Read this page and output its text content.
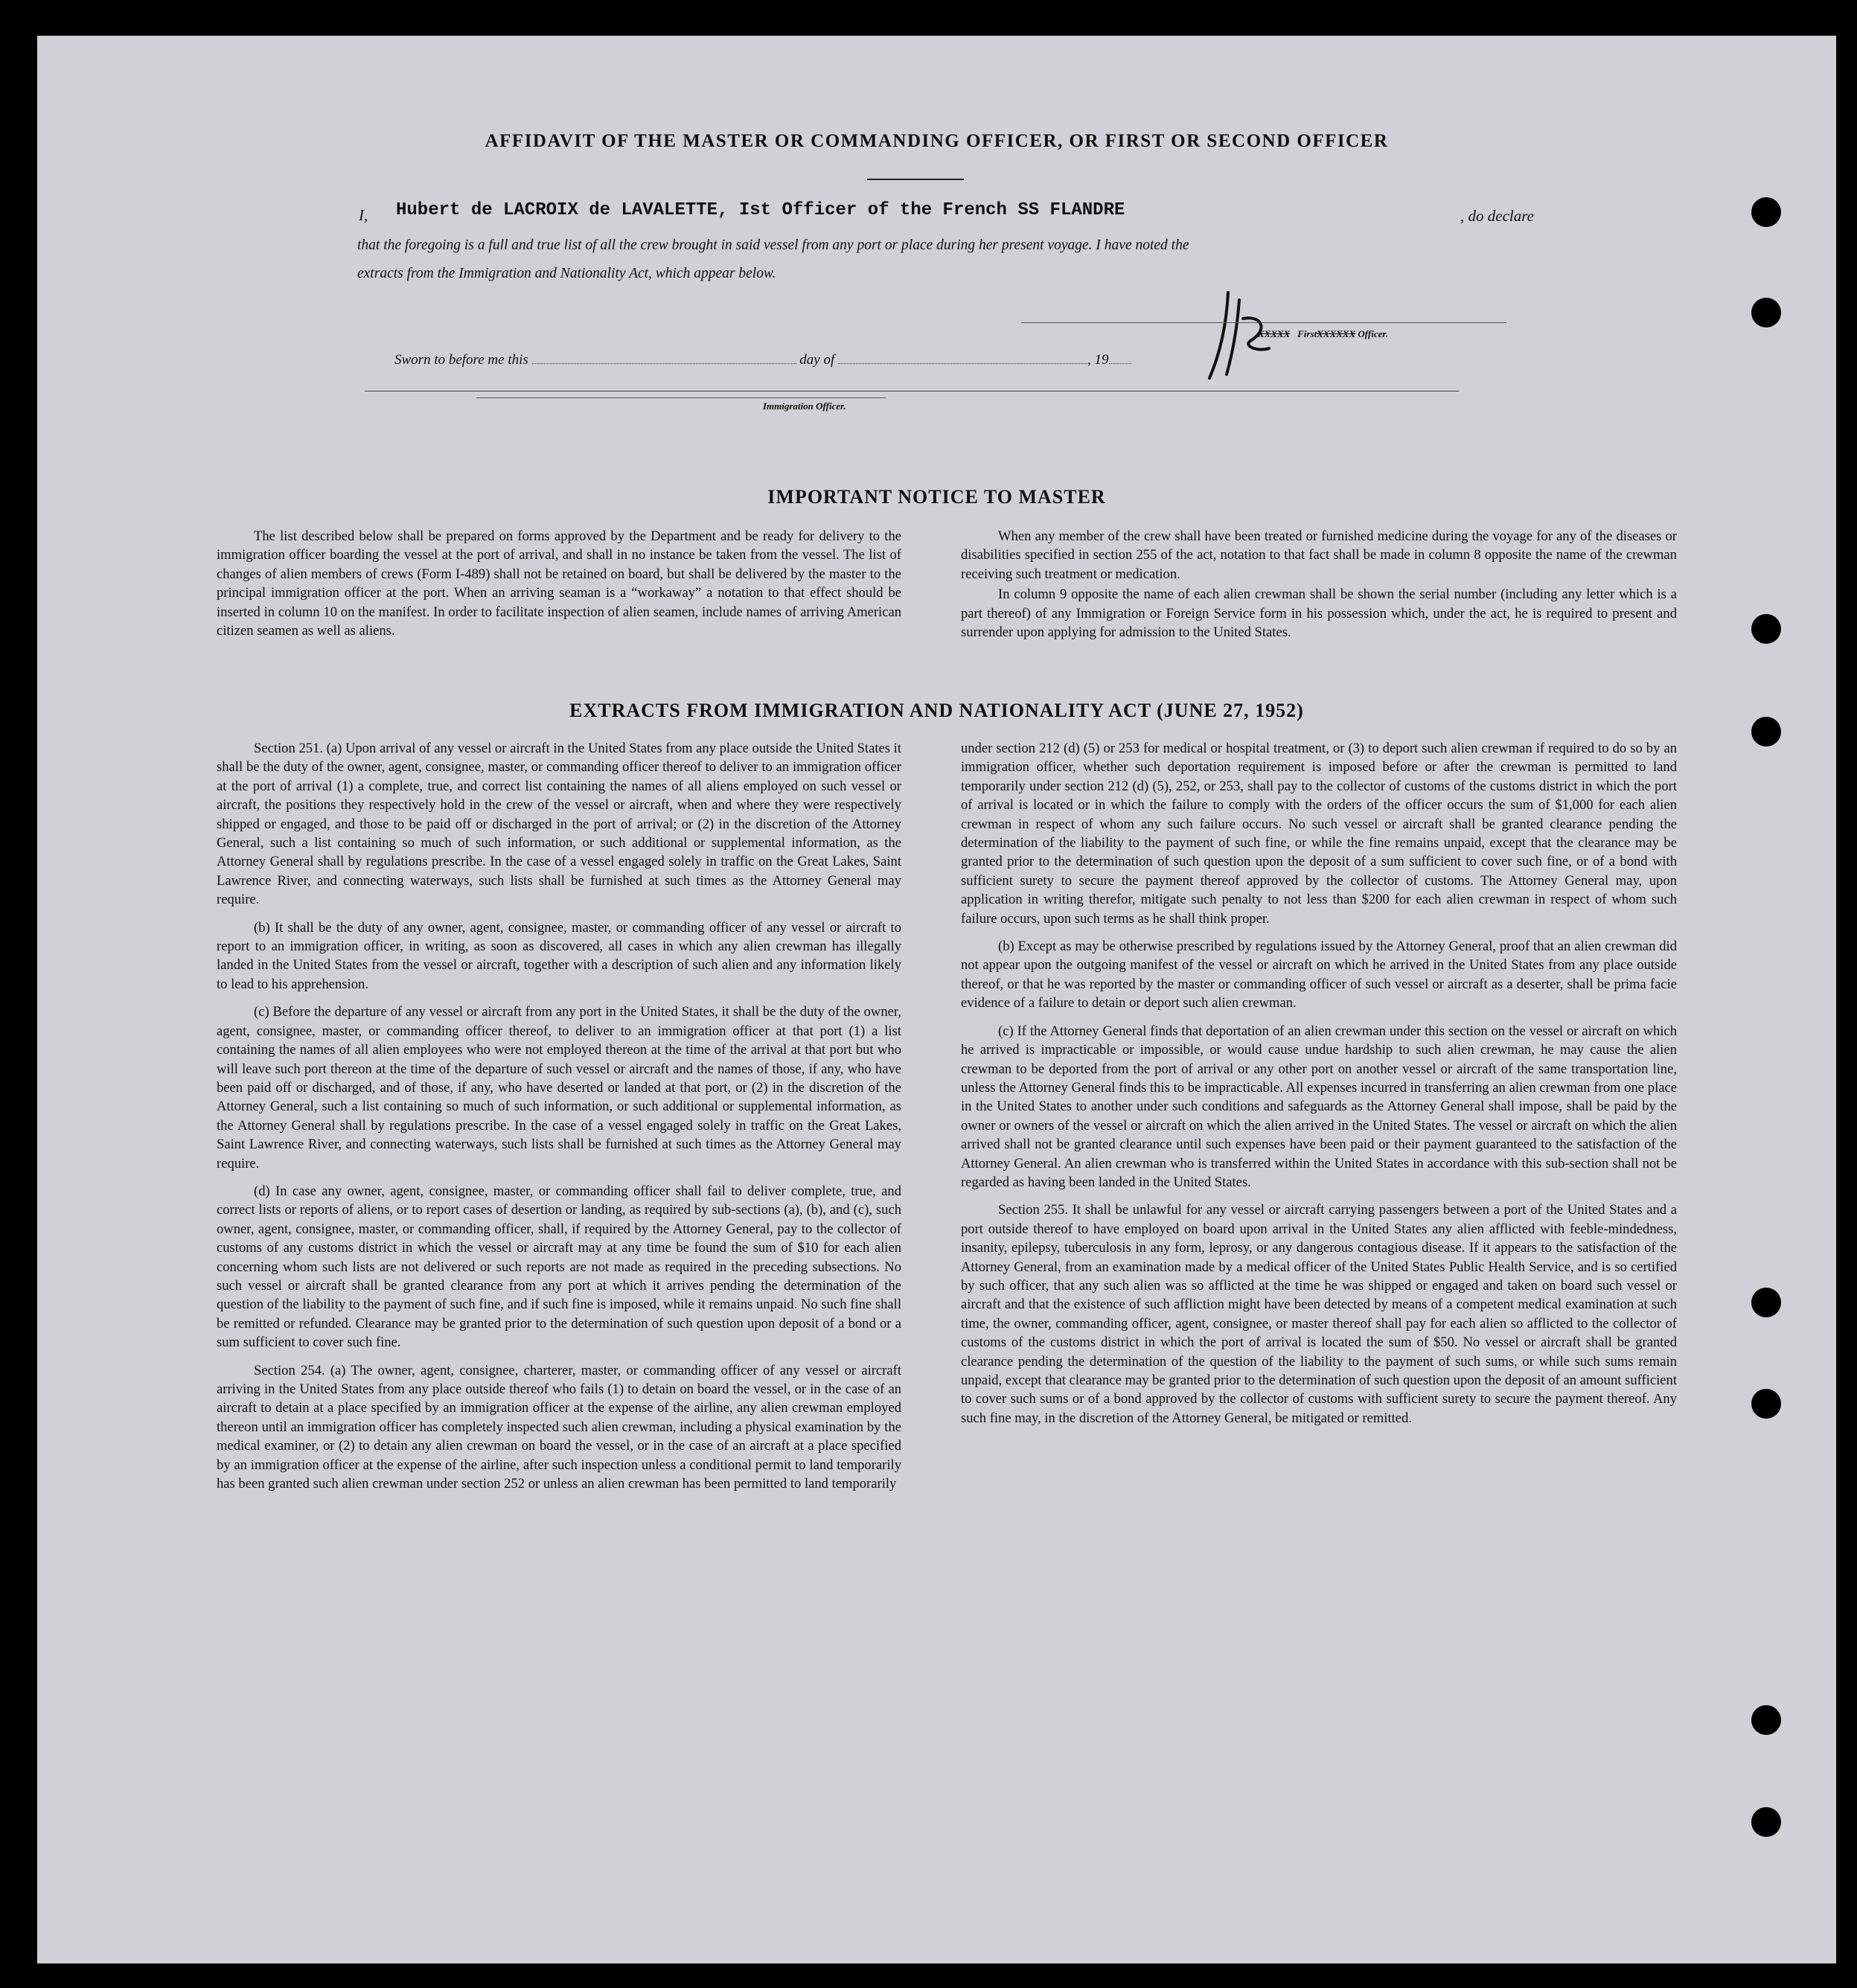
AFFIDAVIT OF THE MASTER OR COMMANDING OFFICER, OR FIRST OR SECOND OFFICER
I, Hubert de LACROIX de LAVALETTE, Ist Officer of the French SS FLANDRE	, do declare
that the foregoing is a full and true list of all the crew brought in said vessel from any port or place during her present voyage. I have noted the
extracts from the Immigration and Nationality Act, which appear below.
XXXXX FirstXXXXXX Officer.
Sworn to before me this	day of	, 19
Immigration Officer.
IMPORTANT NOTICE TO MASTER

The list described below shall be prepared on forms approved by the Department and be ready for delivery to the immigration officer boarding the vessel at the port of arrival, and shall in no instance be taken from the vessel. The list of changes of alien members of crews (Form I-489) shall not be retained on board, but shall be delivered by the master to the principal immigration officer at the port. When an arriving seaman is a “workaway” a notation to that effect should be inserted in column 10 on the manifest. In order to facilitate inspection of alien seamen, include names of arriving American citizen seamen as well as aliens.

When any member of the crew shall have been treated or furnished medicine during the voyage for any of the diseases or disabilities specified in section 255 of the act, notation to that fact shall be made in column 8 opposite the name of the crewman receiving such treatment or medication.

In column 9 opposite the name of each alien crewman shall be shown the serial number (including any letter which is a part thereof) of any Immigration or Foreign Service form in his possession which, under the act, he is required to present and surrender upon applying for admission to the United States.

EXTRACTS FROM IMMIGRATION AND NATIONALITY ACT (JUNE 27, 1952)

Section 251. (a) Upon arrival of any vessel or aircraft in the United States from any place outside the United States it shall be the duty of the owner, agent, consignee, master, or commanding officer thereof to deliver to an immigration officer at the port of arrival (1) a complete, true, and correct list containing the names of all aliens employed on such vessel or aircraft, the positions they respectively hold in the crew of the vessel or aircraft, when and where they were respectively shipped or engaged, and those to be paid off or discharged in the port of arrival; or (2) in the discretion of the Attorney General, such a list containing so much of such information, or such additional or supplemental information, as the Attorney General shall by regulations prescribe. In the case of a vessel engaged solely in traffic on the Great Lakes, Saint Lawrence River, and connecting waterways, such lists shall be furnished at such times as the Attorney General may require.

(b) It shall be the duty of any owner, agent, consignee, master, or commanding officer of any vessel or aircraft to report to an immigration officer, in writing, as soon as discovered, all cases in which any alien crewman has illegally landed in the United States from the vessel or aircraft, together with a description of such alien and any information likely to lead to his apprehension.

(c) Before the departure of any vessel or aircraft from any port in the United States, it shall be the duty of the owner, agent, consignee, master, or commanding officer thereof, to deliver to an immigration officer at that port (1) a list containing the names of all alien employees who were not employed thereon at the time of the arrival at that port but who will leave such port thereon at the time of the departure of such vessel or aircraft and the names of those, if any, who have been paid off or discharged, and of those, if any, who have deserted or landed at that port, or (2) in the discretion of the Attorney General, such a list containing so much of such information, or such additional or supplemental information, as the Attorney General shall by regulations prescribe. In the case of a vessel engaged solely in traffic on the Great Lakes, Saint Lawrence River, and connecting waterways, such lists shall be furnished at such times as the Attorney General may require.

(d) In case any owner, agent, consignee, master, or commanding officer shall fail to deliver complete, true, and correct lists or reports of aliens, or to report cases of desertion or landing, as required by sub-sections (a), (b), and (c), such owner, agent, consignee, master, or commanding officer, shall, if required by the Attorney General, pay to the collector of customs of any customs district in which the vessel or aircraft may at any time be found the sum of $10 for each alien concerning whom such lists are not delivered or such reports are not made as required in the preceding subsections. No such vessel or aircraft shall be granted clearance from any port at which it arrives pending the determination of the question of the liability to the payment of such fine, and if such fine is imposed, while it remains unpaid. No such fine shall be remitted or refunded. Clearance may be granted prior to the determination of such question upon deposit of a bond or a sum sufficient to cover such fine.

Section 254. (a) The owner, agent, consignee, charterer, master, or commanding officer of any vessel or aircraft arriving in the United States from any place outside thereof who fails (1) to detain on board the vessel, or in the case of an aircraft to detain at a place specified by an immigration officer at the expense of the airline, any alien crewman employed thereon until an immigration officer has completely inspected such alien crewman, including a physical examination by the medical examiner, or (2) to detain any alien crewman on board the vessel, or in the case of an aircraft at a place specified by an immigration officer at the expense of the airline, after such inspection unless a conditional permit to land temporarily has been granted such alien crewman under section 252 or unless an alien crewman has been permitted to land temporarily

under section 212 (d) (5) or 253 for medical or hospital treatment, or (3) to deport such alien crewman if required to do so by an immigration officer, whether such deportation requirement is imposed before or after the crewman is permitted to land temporarily under section 212 (d) (5), 252, or 253, shall pay to the collector of customs of the customs district in which the port of arrival is located or in which the failure to comply with the orders of the officer occurs the sum of $1,000 for each alien crewman in respect of whom any such failure occurs. No such vessel or aircraft shall be granted clearance pending the determination of the liability to the payment of such fine, or while the fine remains unpaid, except that the clearance may be granted prior to the determination of such question upon the deposit of a sum sufficient to cover such fine, or of a bond with sufficient surety to secure the payment thereof approved by the collector of customs. The Attorney General may, upon application in writing therefor, mitigate such penalty to not less than $200 for each alien crewman in respect of whom such failure occurs, upon such terms as he shall think proper.

(b) Except as may be otherwise prescribed by regulations issued by the Attorney General, proof that an alien crewman did not appear upon the outgoing manifest of the vessel or aircraft on which he arrived in the United States from any place outside thereof, or that he was reported by the master or commanding officer of such vessel or aircraft as a deserter, shall be prima facie evidence of a failure to detain or deport such alien crewman.

(c) If the Attorney General finds that deportation of an alien crewman under this section on the vessel or aircraft on which he arrived is impracticable or impossible, or would cause undue hardship to such alien crewman, he may cause the alien crewman to be deported from the port of arrival or any other port on another vessel or aircraft of the same transportation line, unless the Attorney General finds this to be impracticable. All expenses incurred in transferring an alien crewman from one place in the United States to another under such conditions and safeguards as the Attorney General shall impose, shall be paid by the owner or owners of the vessel or aircraft on which the alien arrived in the United States. The vessel or aircraft on which the alien arrived shall not be granted clearance until such expenses have been paid or their payment guaranteed to the satisfaction of the Attorney General. An alien crewman who is transferred within the United States in accordance with this sub-section shall not be regarded as having been landed in the United States.

Section 255. It shall be unlawful for any vessel or aircraft carrying passengers between a port of the United States and a port outside thereof to have employed on board upon arrival in the United States any alien afflicted with feeble-mindedness, insanity, epilepsy, tuberculosis in any form, leprosy, or any dangerous contagious disease. If it appears to the satisfaction of the Attorney General, from an examination made by a medical officer of the United States Public Health Service, and is so certified by such officer, that any such alien was so afflicted at the time he was shipped or engaged and taken on board such vessel or aircraft and that the existence of such affliction might have been detected by means of a competent medical examination at such time, the owner, commanding officer, agent, consignee, or master thereof shall pay for each alien so afflicted to the collector of customs of the customs district in which the port of arrival is located the sum of $50. No vessel or aircraft shall be granted clearance pending the determination of the question of the liability to the payment of such sums, or while such sums remain unpaid, except that clearance may be granted prior to the determination of such question upon the deposit of an amount sufficient to cover such sums or of a bond approved by the collector of customs with sufficient surety to secure the payment thereof. Any such fine may, in the discretion of the Attorney General, be mitigated or remitted.
